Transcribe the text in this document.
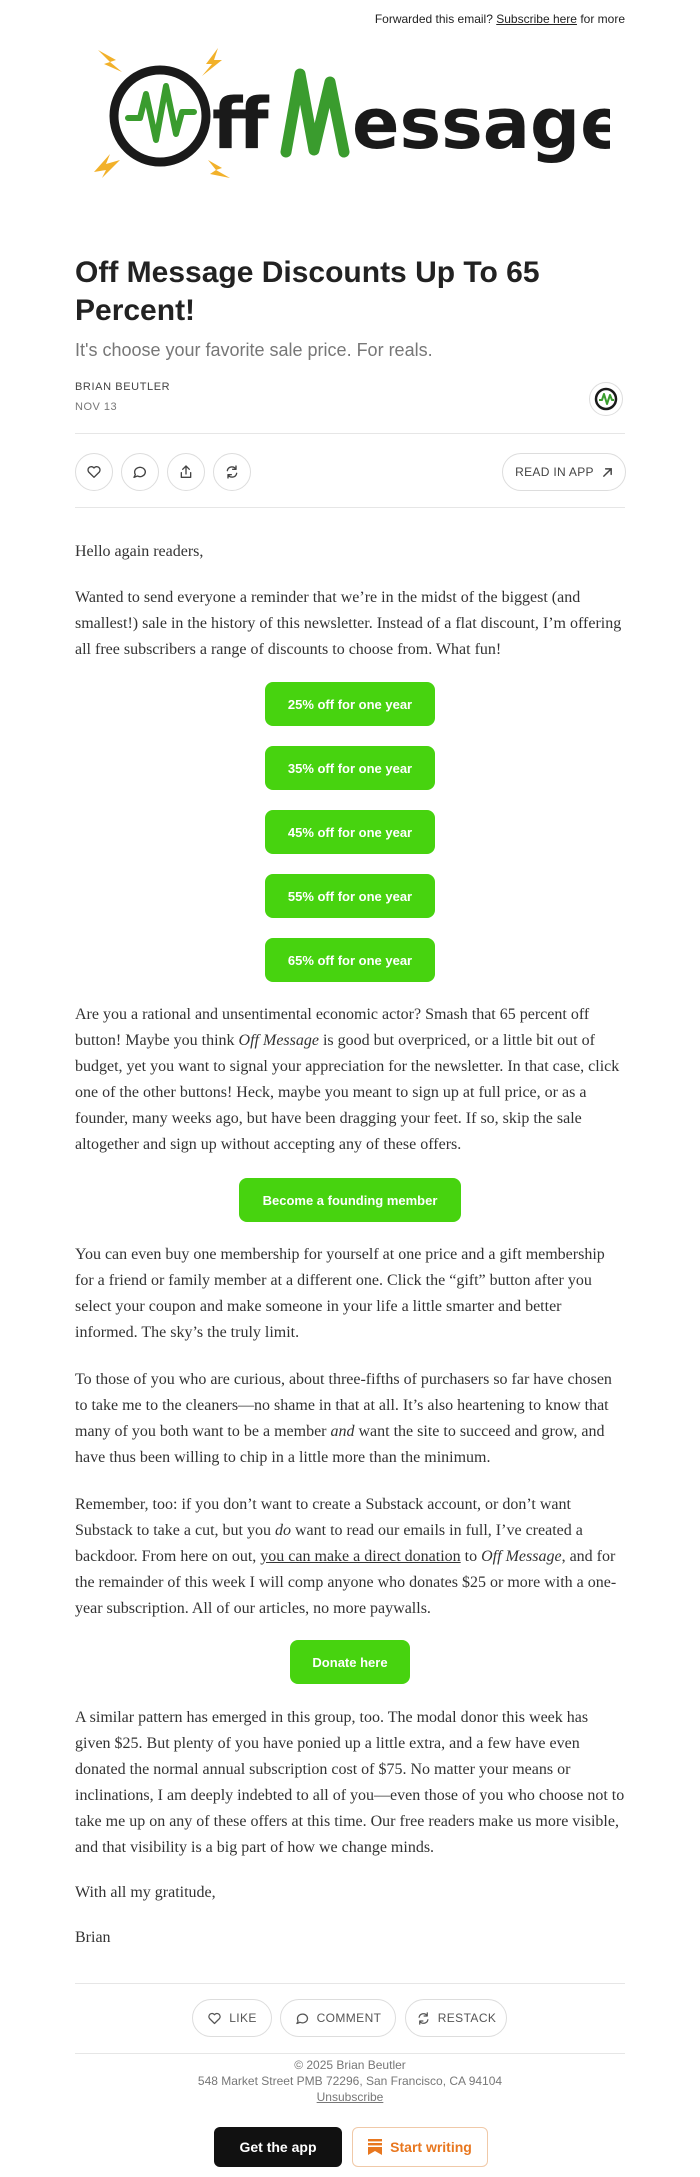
Forwarded this email? Subscribe here for more
ff essage
Off Message Discounts Up To 65 Percent!

It's choose your favorite sale price. For reals.

BRIAN BEUTLER
NOV 13
READ IN APP

Hello again readers,

Wanted to send everyone a reminder that we’re in the midst of the biggest (and smallest!) sale in the history of this newsletter. Instead of a flat discount, I’m offering all free subscribers a range of discounts to choose from. What fun!

25% off for one year
35% off for one year
45% off for one year
55% off for one year
65% off for one year

Are you a rational and unsentimental economic actor? Smash that 65 percent off button! Maybe you think Off Message is good but overpriced, or a little bit out of budget, yet you want to signal your appreciation for the newsletter. In that case, click one of the other buttons! Heck, maybe you meant to sign up at full price, or as a founder, many weeks ago, but have been dragging your feet. If so, skip the sale altogether and sign up without accepting any of these offers.

Become a founding member

You can even buy one membership for yourself at one price and a gift membership for a friend or family member at a different one. Click the “gift” button after you select your coupon and make someone in your life a little smarter and better informed. The sky’s the truly limit.

To those of you who are curious, about three-fifths of purchasers so far have chosen to take me to the cleaners—no shame in that at all. It’s also heartening to know that many of you both want to be a member and want the site to succeed and grow, and have thus been willing to chip in a little more than the minimum.

Remember, too: if you don’t want to create a Substack account, or don’t want Substack to take a cut, but you do want to read our emails in full, I’ve created a backdoor. From here on out, you can make a direct donation to Off Message, and for the remainder of this week I will comp anyone who donates $25 or more with a one-year subscription. All of our articles, no more paywalls.

Donate here

A similar pattern has emerged in this group, too. The modal donor this week has given $25. But plenty of you have ponied up a little extra, and a few have even donated the normal annual subscription cost of $75. No matter your means or inclinations, I am deeply indebted to all of you—even those of you who choose not to take me up on any of these offers at this time. Our free readers make us more visible, and that visibility is a big part of how we change minds.

With all my gratitude,

Brian

LIKE	COMMENT	RESTACK
© 2025 Brian Beutler
548 Market Street PMB 72296, San Francisco, CA 94104
Unsubscribe
Get the app	Start writing
